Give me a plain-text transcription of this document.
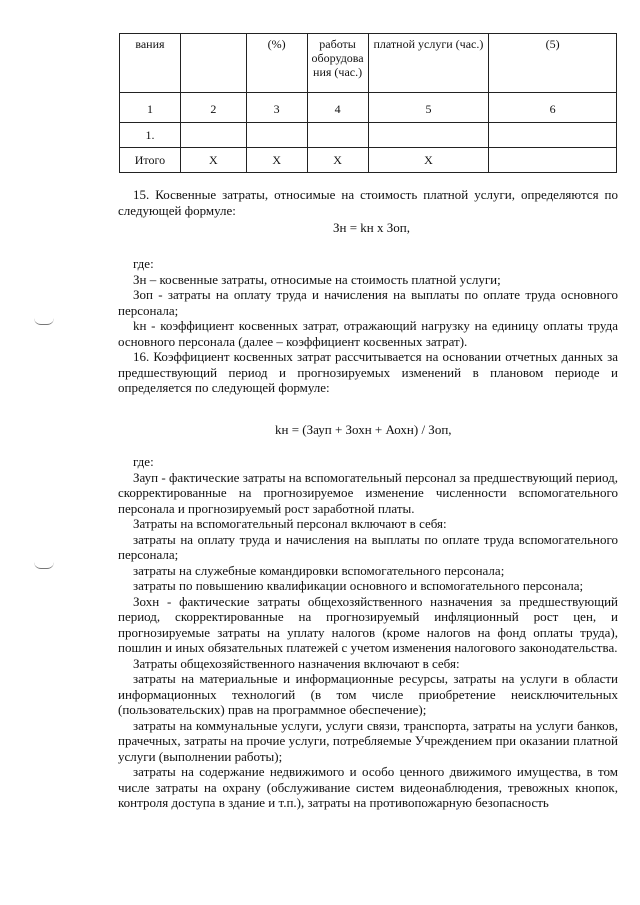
вания		(%)	работы оборудова ния (час.)	платной услуги (час.)	(5)
1	2	3	4	5	6
1.					
Итого	Х	Х	Х	Х	

15. Косвенные затраты, относимые на стоимость платной услуги, определяются по следующей формуле:

Зн = kн х Зоп,

где:

Зн – косвенные затраты, относимые на стоимость платной услуги;

Зоп - затраты на оплату труда и начисления на выплаты по оплате труда основного персонала;

kн - коэффициент косвенных затрат, отражающий нагрузку на единицу оплаты труда основного персонала (далее – коэффициент косвенных затрат).

16. Коэффициент косвенных затрат рассчитывается на основании отчетных данных за предшествующий период и прогнозируемых изменений в плановом периоде и определяется по следующей формуле:

kн = (Зауп + Зохн + Аохн) / Зоп,

где:

Зауп - фактические затраты на вспомогательный персонал за предшествующий период, скорректированные на прогнозируемое изменение численности вспомогательного персонала и прогнозируемый рост заработной платы.

Затраты на вспомогательный персонал включают в себя:

затраты на оплату труда и начисления на выплаты по оплате труда вспомогательного персонала;

затраты на служебные командировки вспомогательного персонала;

затраты по повышению квалификации основного и вспомогательного персонала;

Зохн - фактические затраты общехозяйственного назначения за предшествующий период, скорректированные на прогнозируемый инфляционный рост цен, и прогнозируемые затраты на уплату налогов (кроме налогов на фонд оплаты труда), пошлин и иных обязательных платежей с учетом изменения налогового законодательства.

Затраты общехозяйственного назначения включают в себя:

затраты на материальные и информационные ресурсы, затраты на услуги в области информационных технологий (в том числе приобретение неисключительных (пользовательских) прав на программное обеспечение);

затраты на коммунальные услуги, услуги связи, транспорта, затраты на услуги банков, прачечных, затраты на прочие услуги, потребляемые Учреждением при оказании платной услуги (выполнении работы);

затраты на содержание недвижимого и особо ценного движимого имущества, в том числе затраты на охрану (обслуживание систем видеонаблюдения, тревожных кнопок, контроля доступа в здание и т.п.), затраты на противопожарную безопасность
